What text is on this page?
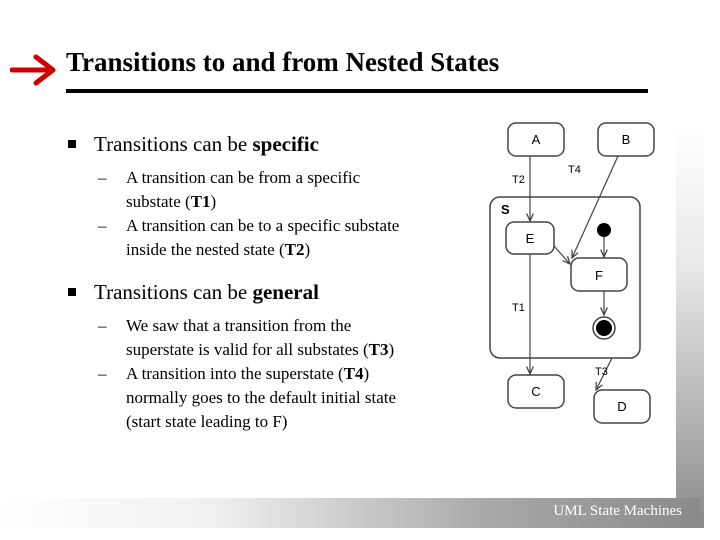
Transitions to and from Nested States
Transitions can be specific
– A transition can be from a specific
substate (T1)
– A transition can be to a specific substate
inside the nested state (T2)
Transitions can be general
– We saw that a transition from the
superstate is valid for all substates (T3)
– A transition into the superstate (T4)
normally goes to the default initial state
(start state leading to F)
S
A	B
E
F
C
D
T2
T4
T1
T3
UML State Machines
